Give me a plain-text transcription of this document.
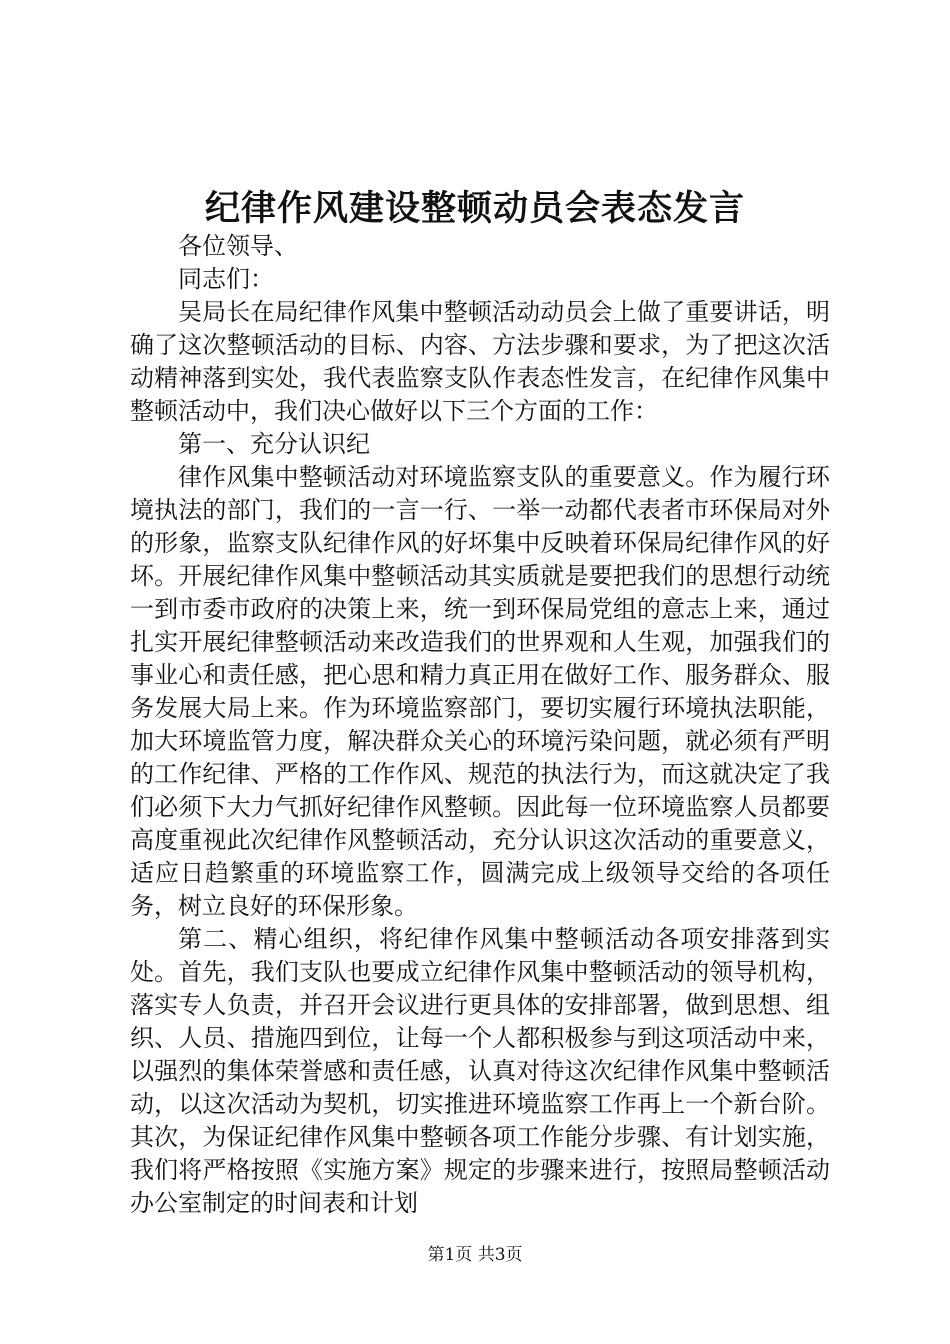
纪律作风建设整顿动员会表态发言

各位领导、

同志们：

吴局长在局纪律作风集中整顿活动动员会上做了重要讲话，明确了这次整顿活动的目标、内容、方法步骤和要求，为了把这次活动精神落到实处，我代表监察支队作表态性发言，在纪律作风集中整顿活动中，我们决心做好以下三个方面的工作：

第一、充分认识纪

律作风集中整顿活动对环境监察支队的重要意义。作为履行环境执法的部门，我们的一言一行、一举一动都代表者市环保局对外的形象，监察支队纪律作风的好坏集中反映着环保局纪律作风的好坏。开展纪律作风集中整顿活动其实质就是要把我们的思想行动统一到市委市政府的决策上来，统一到环保局党组的意志上来，通过扎实开展纪律整顿活动来改造我们的世界观和人生观，加强我们的事业心和责任感，把心思和精力真正用在做好工作、服务群众、服务发展大局上来。作为环境监察部门，要切实履行环境执法职能，加大环境监管力度，解决群众关心的环境污染问题，就必须有严明的工作纪律、严格的工作作风、规范的执法行为，而这就决定了我们必须下大力气抓好纪律作风整顿。因此每一位环境监察人员都要高度重视此次纪律作风整顿活动，充分认识这次活动的重要意义，适应日趋繁重的环境监察工作，圆满完成上级领导交给的各项任务，树立良好的环保形象。

第二、精心组织，将纪律作风集中整顿活动各项安排落到实处。首先，我们支队也要成立纪律作风集中整顿活动的领导机构，落实专人负责，并召开会议进行更具体的安排部署，做到思想、组织、人员、措施四到位，让每一个人都积极参与到这项活动中来，以强烈的集体荣誉感和责任感，认真对待这次纪律作风集中整顿活动，以这次活动为契机，切实推进环境监察工作再上一个新台阶。其次，为保证纪律作风集中整顿各项工作能分步骤、有计划实施，我们将严格按照《实施方案》规定的步骤来进行，按照局整顿活动办公室制定的时间表和计划

第1页 共3页
